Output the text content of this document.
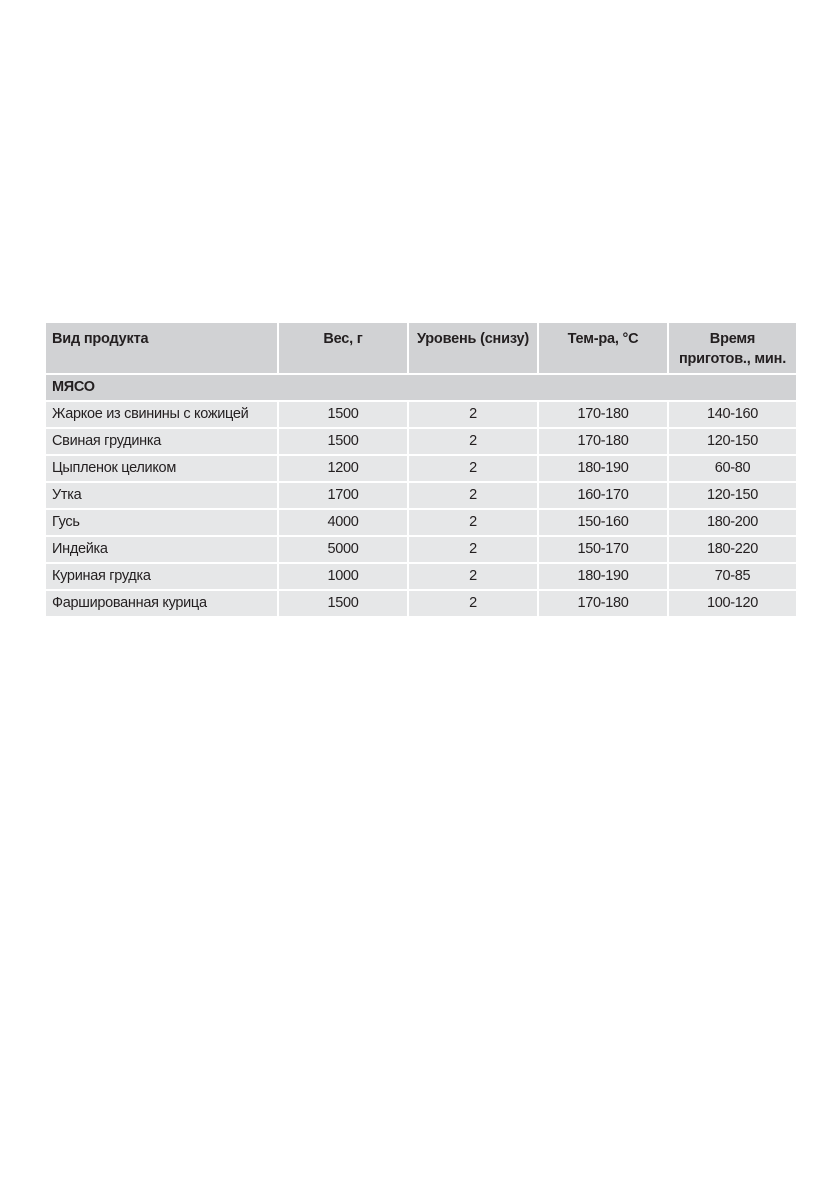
Вид продукта	Вес, г	Уровень (снизу)	Тем-ра, °С	Время
приготов., мин.
МЯСО				
Жаркое из свинины с кожицей	1500	2	170-180	140-160
Свиная грудинка	1500	2	170-180	120-150
Цыпленок целиком	1200	2	180-190	60-80
Утка	1700	2	160-170	120-150
Гусь	4000	2	150-160	180-200
Индейка	5000	2	150-170	180-220
Куриная грудка	1000	2	180-190	70-85
Фаршированная курица	1500	2	170-180	100-120
